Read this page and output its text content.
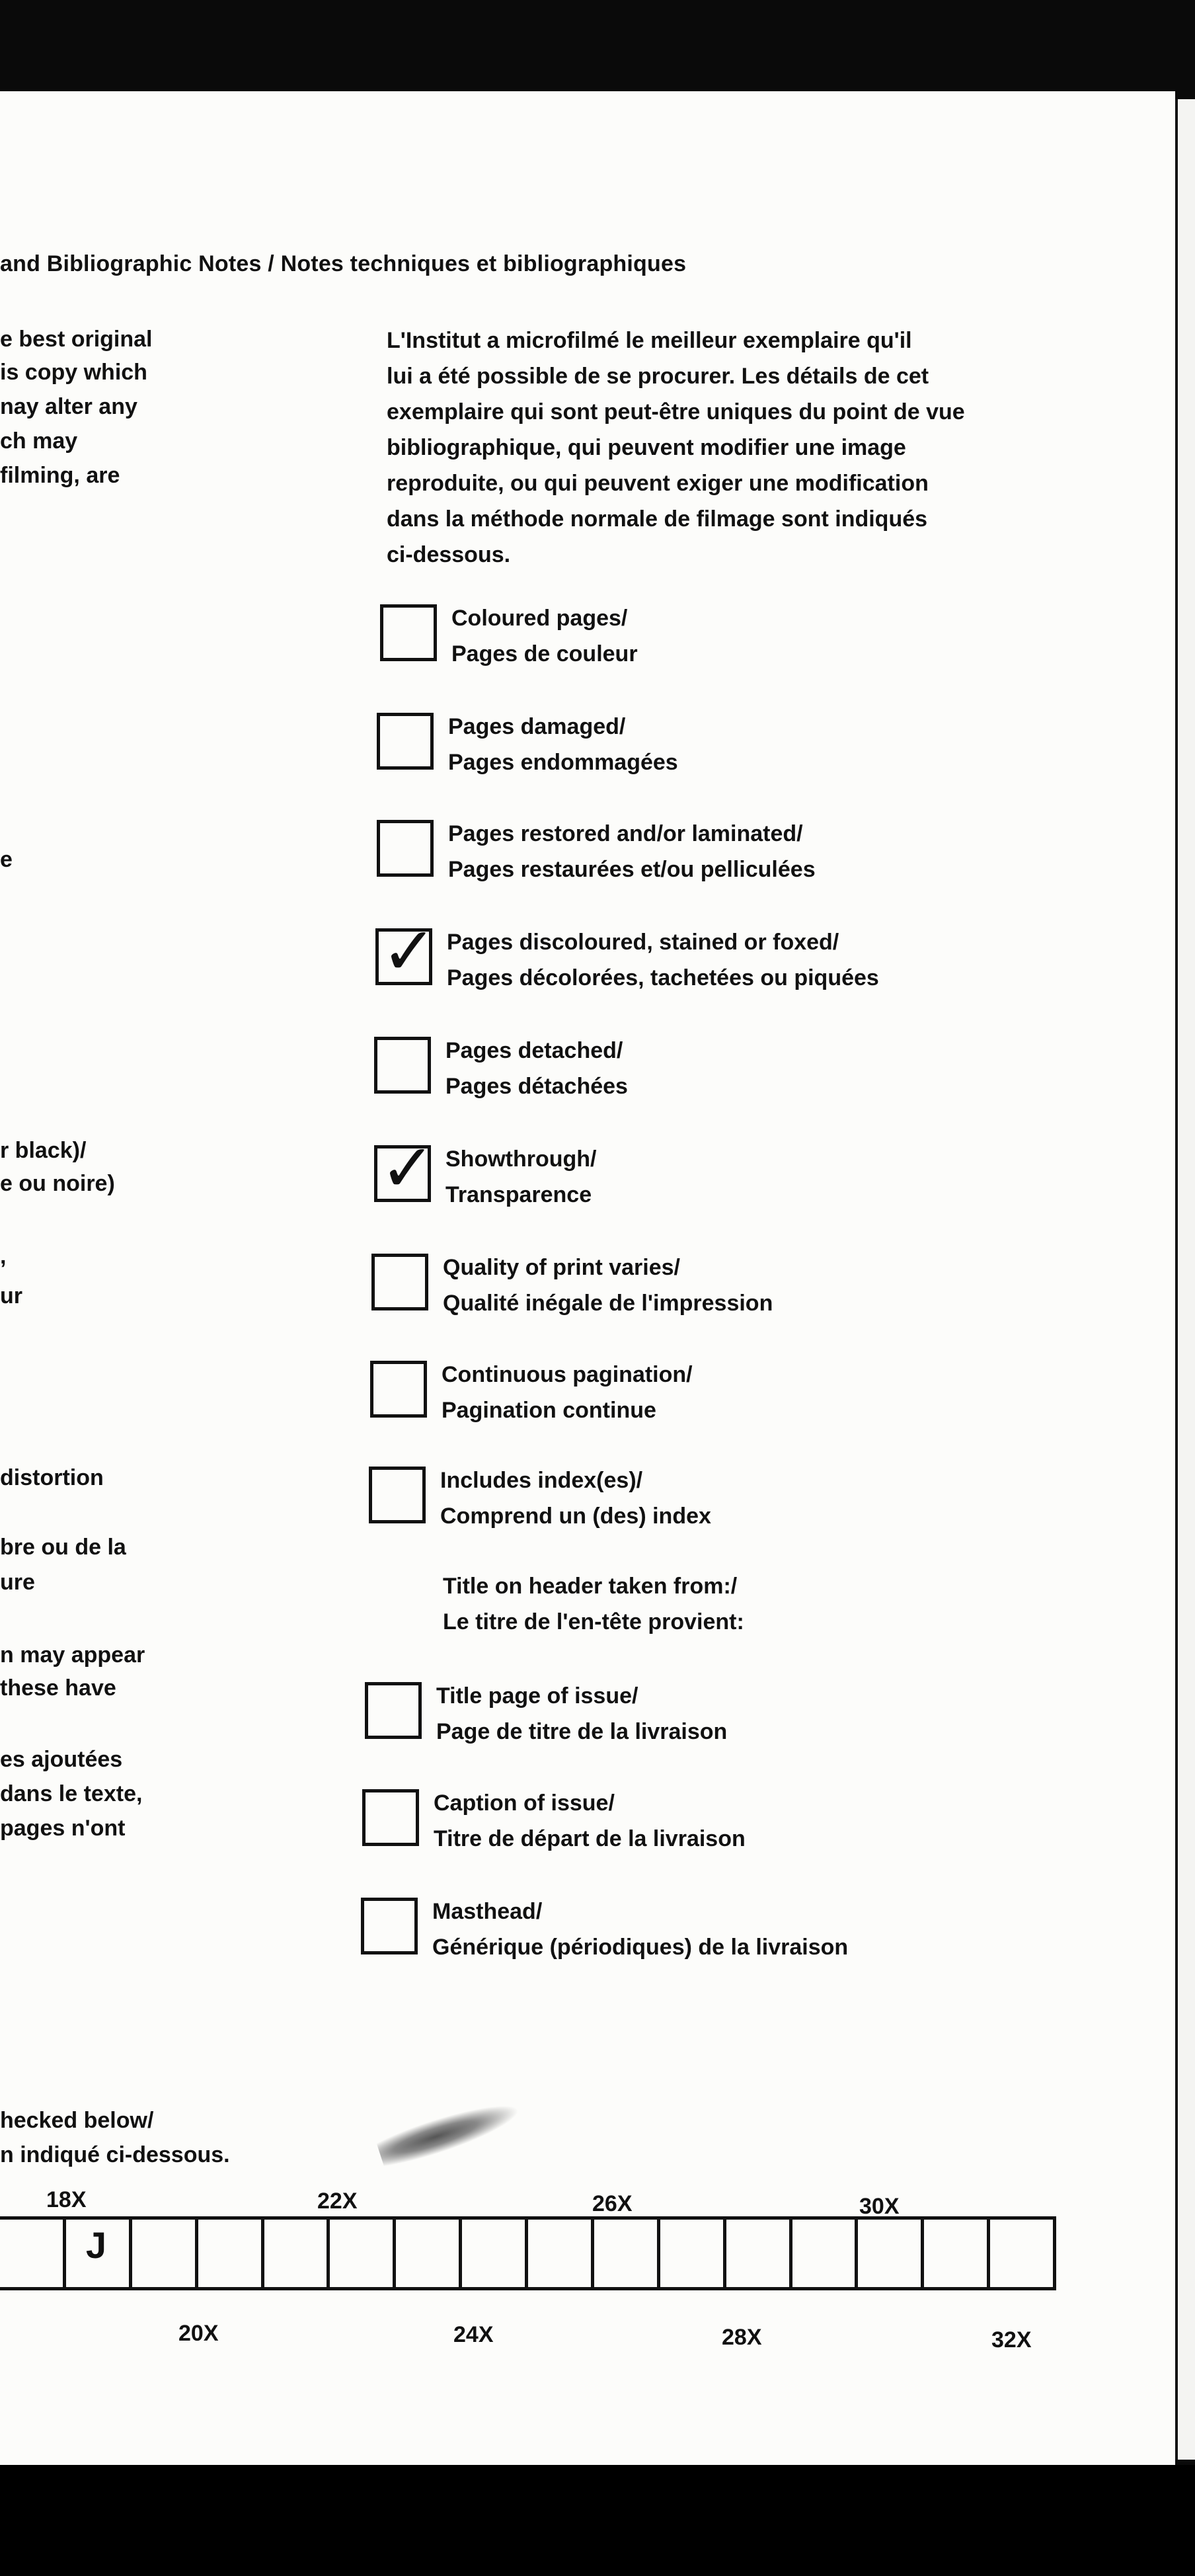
and Bibliographic Notes / Notes techniques et bibliographiques
e best original
is copy which
nay alter any
ch may
filming, are
e
r black)/
e ou noire)
,
ur
distortion
bre ou de la
ure
n may appear
these have
es ajoutées
dans le texte,
pages n'ont
hecked below/
n indiqué ci-dessous.
L'Institut a microfilmé le meilleur exemplaire qu'il
lui a été possible de se procurer. Les détails de cet
exemplaire qui sont peut-être uniques du point de vue
bibliographique, qui peuvent modifier une image
reproduite, ou qui peuvent exiger une modification
dans la méthode normale de filmage sont indiqués
ci-dessous.
Coloured pages/
Pages de couleur
Pages damaged/
Pages endommagées
Pages restored and/or laminated/
Pages restaurées et/ou pelliculées
✓ Pages discoloured, stained or foxed/
Pages décolorées, tachetées ou piquées
Pages detached/
Pages détachées
✓ Showthrough/
Transparence
Quality of print varies/
Qualité inégale de l'impression
Continuous pagination/
Pagination continue
Includes index(es)/
Comprend un (des) index
Title on header taken from:/
Le titre de l'en-tête provient:
Title page of issue/
Page de titre de la livraison
Caption of issue/
Titre de départ de la livraison
Masthead/
Générique (périodiques) de la livraison
18X	22X	26X	30X
J
20X	24X	28X	32X
